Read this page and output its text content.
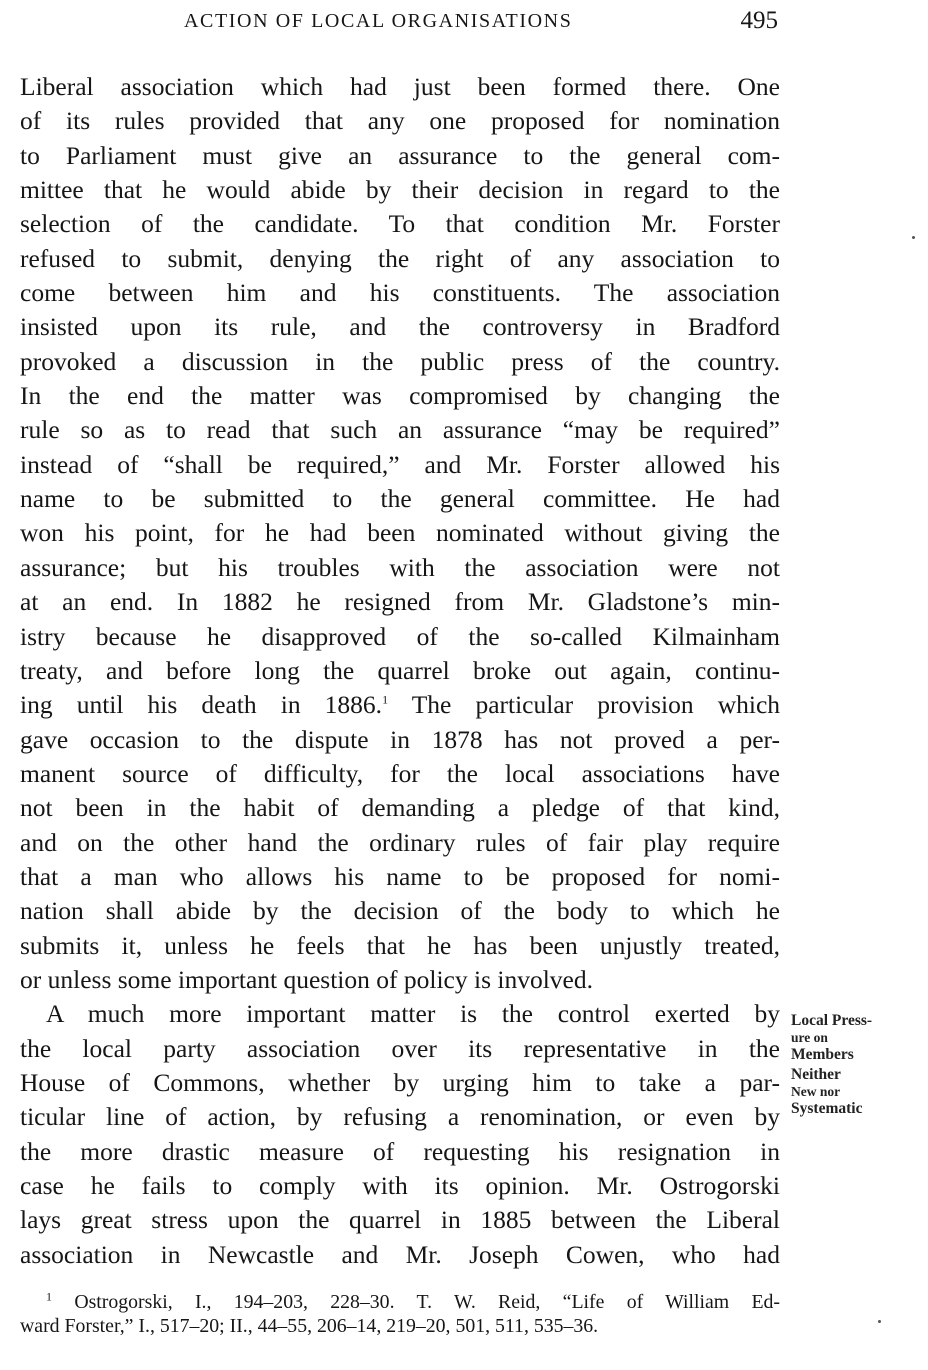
ACTION OF LOCAL ORGANISATIONS	495
Liberal association which had just been formed there. One
of its rules provided that any one proposed for nomination
to Parliament must give an assurance to the general com-
mittee that he would abide by their decision in regard to the
selection of the candidate. To that condition Mr. Forster
refused to submit, denying the right of any association to
come between him and his constituents. The association
insisted upon its rule, and the controversy in Bradford
provoked a discussion in the public press of the country.
In the end the matter was compromised by changing the
rule so as to read that such an assurance “may be required”
instead of “shall be required,” and Mr. Forster allowed his
name to be submitted to the general committee. He had
won his point, for he had been nominated without giving the
assurance; but his troubles with the association were not
at an end. In 1882 he resigned from Mr. Gladstone’s min-
istry because he disapproved of the so-called Kilmainham
treaty, and before long the quarrel broke out again, continu-
ing until his death in 1886.$^1$ The particular provision which
gave occasion to the dispute in 1878 has not proved a per-
manent source of difficulty, for the local associations have
not been in the habit of demanding a pledge of that kind,
and on the other hand the ordinary rules of fair play require
that a man who allows his name to be proposed for nomi-
nation shall abide by the decision of the body to which he
submits it, unless he feels that he has been unjustly treated,
or unless some important question of policy is involved.
A much more important matter is the control exerted by
the local party association over its representative in the
House of Commons, whether by urging him to take a par-
ticular line of action, by refusing a renomination, or even by
the more drastic measure of requesting his resignation in
case he fails to comply with its opinion. Mr. Ostrogorski
lays great stress upon the quarrel in 1885 between the Liberal
association in Newcastle and Mr. Joseph Cowen, who had
Local Press-
ure on
Members
Neither
New nor
Systematic
$^1$ Ostrogorski, I., 194–203, 228–30. T. W. Reid, “Life of William Ed-
ward Forster,” I., 517–20; II., 44–55, 206–14, 219–20, 501, 511, 535–36.
